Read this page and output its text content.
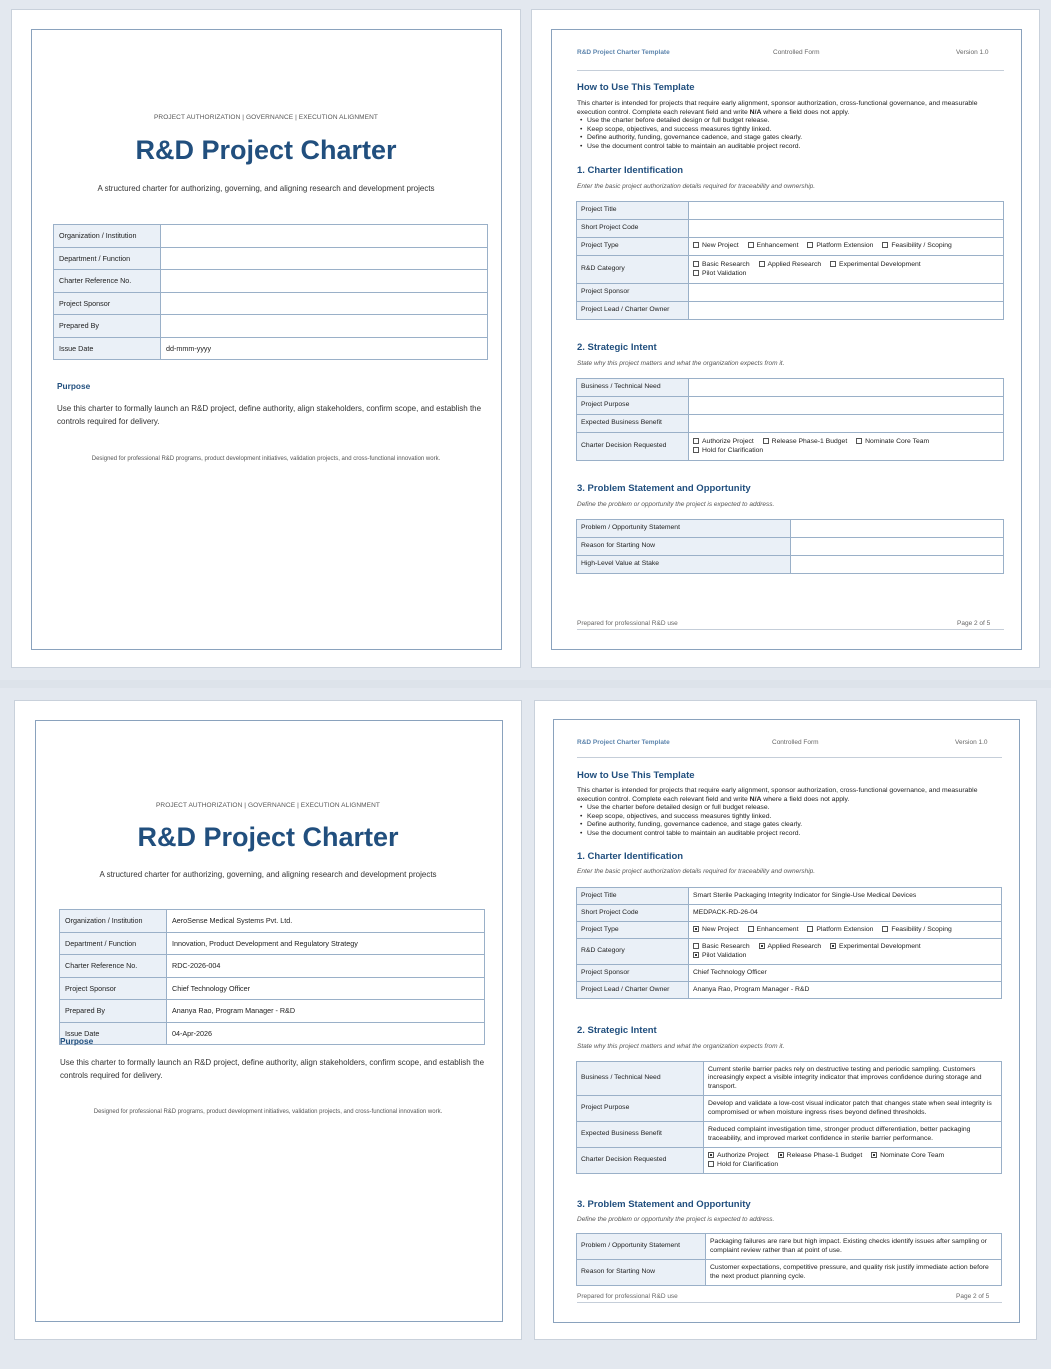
PROJECT AUTHORIZATION | GOVERNANCE | EXECUTION ALIGNMENT
R&D Project Charter
A structured charter for authorizing, governing, and aligning research and development projects
Organization / Institution	
Department / Function	
Charter Reference No.	
Project Sponsor	
Prepared By	
Issue Date	dd-mmm-yyyy
Purpose
Use this charter to formally launch an R&D project, define authority, align stakeholders, confirm scope, and establish the controls required for delivery.
Designed for professional R&D programs, product development initiatives, validation projects, and cross-functional innovation work.
R&D Project Charter Template	Controlled Form	Version 1.0
How to Use This Template
This charter is intended for projects that require early alignment, sponsor authorization, cross-functional governance, and measurable execution control. Complete each relevant field and write N/A where a field does not apply.
• Use the charter before detailed design or full budget release.
• Keep scope, objectives, and success measures tightly linked.
• Define authority, funding, governance cadence, and stage gates clearly.
• Use the document control table to maintain an auditable project record.
1. Charter Identification
Enter the basic project authorization details required for traceability and ownership.
Project Title	
Short Project Code	
Project Type	New Project Enhancement Platform Extension Feasibility / Scoping
R&D Category	Basic Research Applied Research Experimental Development
Pilot Validation
Project Sponsor	
Project Lead / Charter Owner	
2. Strategic Intent
State why this project matters and what the organization expects from it.
Business / Technical Need	
Project Purpose	
Expected Business Benefit	
Charter Decision Requested	Authorize Project Release Phase-1 Budget Nominate Core Team
Hold for Clarification
3. Problem Statement and Opportunity
Define the problem or opportunity the project is expected to address.
Problem / Opportunity Statement	
Reason for Starting Now	
High-Level Value at Stake	
Prepared for professional R&D use	Page 2 of 5
PROJECT AUTHORIZATION | GOVERNANCE | EXECUTION ALIGNMENT
R&D Project Charter
A structured charter for authorizing, governing, and aligning research and development projects
Organization / Institution	AeroSense Medical Systems Pvt. Ltd.
Department / Function	Innovation, Product Development and Regulatory Strategy
Charter Reference No.	RDC-2026-004
Project Sponsor	Chief Technology Officer
Prepared By	Ananya Rao, Program Manager - R&D
Issue Date	04-Apr-2026
Purpose
Use this charter to formally launch an R&D project, define authority, align stakeholders, confirm scope, and establish the controls required for delivery.
Designed for professional R&D programs, product development initiatives, validation projects, and cross-functional innovation work.
R&D Project Charter Template	Controlled Form	Version 1.0
How to Use This Template
This charter is intended for projects that require early alignment, sponsor authorization, cross-functional governance, and measurable execution control. Complete each relevant field and write N/A where a field does not apply.
• Use the charter before detailed design or full budget release.
• Keep scope, objectives, and success measures tightly linked.
• Define authority, funding, governance cadence, and stage gates clearly.
• Use the document control table to maintain an auditable project record.
1. Charter Identification
Enter the basic project authorization details required for traceability and ownership.
Project Title	Smart Sterile Packaging Integrity Indicator for Single-Use Medical Devices
Short Project Code	MEDPACK-RD-26-04
Project Type	New Project Enhancement Platform Extension Feasibility / Scoping
R&D Category	Basic Research Applied Research Experimental Development
Pilot Validation
Project Sponsor	Chief Technology Officer
Project Lead / Charter Owner	Ananya Rao, Program Manager - R&D
2. Strategic Intent
State why this project matters and what the organization expects from it.
Business / Technical Need	Current sterile barrier packs rely on destructive testing and periodic sampling. Customers increasingly expect a visible integrity indicator that improves confidence during storage and transport.
Project Purpose	Develop and validate a low-cost visual indicator patch that changes state when seal integrity is compromised or when moisture ingress rises beyond defined thresholds.
Expected Business Benefit	Reduced complaint investigation time, stronger product differentiation, better packaging traceability, and improved market confidence in sterile barrier performance.
Charter Decision Requested	Authorize Project Release Phase-1 Budget Nominate Core Team
Hold for Clarification
3. Problem Statement and Opportunity
Define the problem or opportunity the project is expected to address.
Problem / Opportunity Statement	Packaging failures are rare but high impact. Existing checks identify issues after sampling or complaint review rather than at point of use.
Reason for Starting Now	Customer expectations, competitive pressure, and quality risk justify immediate action before the next product planning cycle.
Prepared for professional R&D use	Page 2 of 5
